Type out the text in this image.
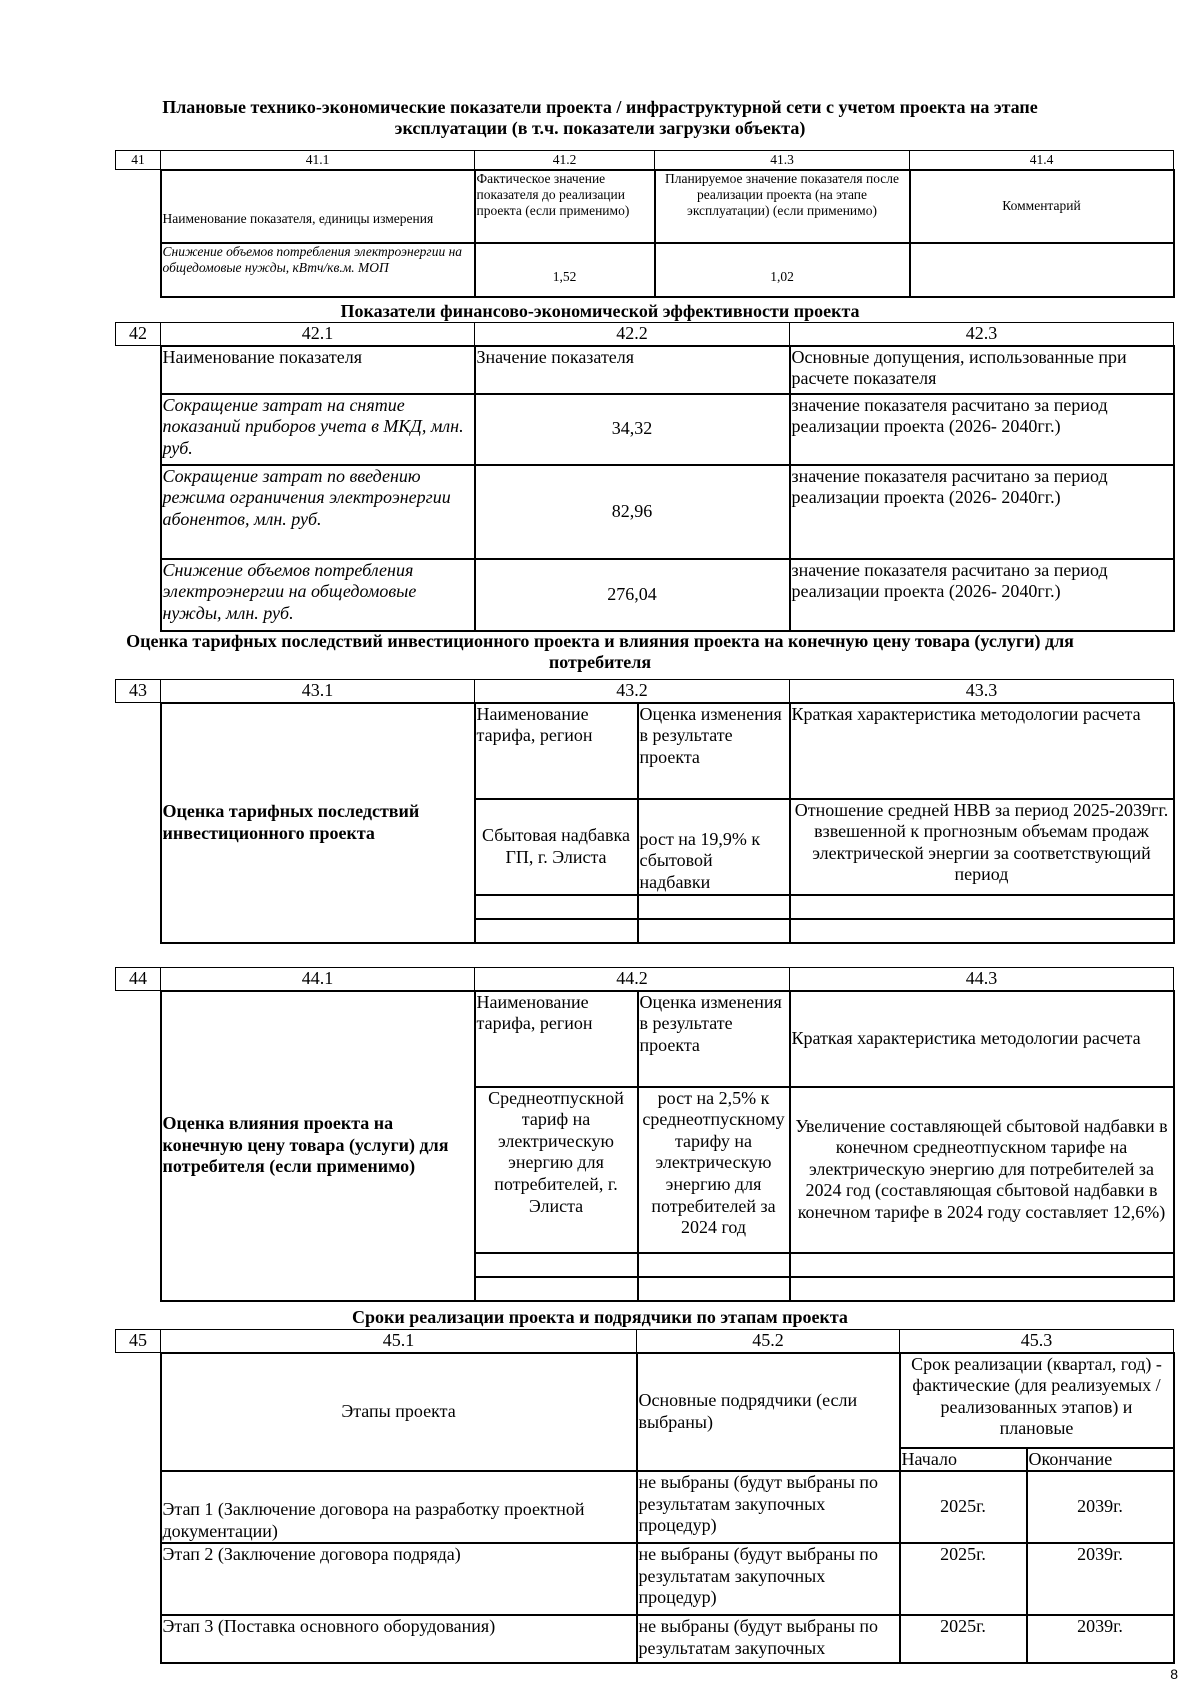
Плановые технико-экономические показатели проекта / инфраструктурной сети с учетом проекта на этапе эксплуатации (в т.ч. показатели загрузки объекта)
41	41.1	41.2	41.3	41.4
	Наименование показателя, единицы измерения	Фактическое значение показателя до реализации проекта (если применимо)	Планируемое значение показателя после реализации проекта (на этапе эксплуатации) (если применимо)	Комментарий
	Снижение объемов потребления электроэнергии на общедомовые нужды, кВтч/кв.м. МОП	1,52	1,02	
Показатели финансово-экономической эффективности проекта
42	42.1	42.2	42.3
	Наименование показателя	Значение показателя	Основные допущения, использованные при расчете показателя
	Сокращение затрат на снятие показаний приборов учета в МКД, млн. руб.	34,32	значение показателя расчитано за период реализации проекта (2026- 2040гг.)
	Сокращение затрат по введению режима ограничения электроэнергии абонентов, млн. руб.	82,96	значение показателя расчитано за период реализации проекта (2026- 2040гг.)
	Снижение объемов потребления электроэнергии на общедомовые нужды, млн. руб.	276,04	значение показателя расчитано за период реализации проекта (2026- 2040гг.)
Оценка тарифных последствий инвестиционного проекта и влияния проекта на конечную цену товара (услуги) для потребителя
43	43.1	43.2		43.3
	Оценка тарифных последствий инвестиционного проекта	Наименование тарифа, регион	Оценка изменения в результате проекта	Краткая характеристика методологии расчета
		Сбытовая надбавка ГП, г. Элиста	рост на 19,9% к сбытовой надбавки	Отношение средней НВВ за период 2025-2039гг. взвешенной к прогнозным объемам продаж электрической энергии за соответствующий период

44	44.1	44.2		44.3
	Оценка влияния проекта на конечную цену товара (услуги) для потребителя (если применимо)	Наименование тарифа, регион	Оценка изменения в результате проекта	Краткая характеристика методологии расчета
		Среднеотпускной тариф на электрическую энергию для потребителей, г. Элиста	рост на 2,5% к среднеотпускному тарифу на электрическую энергию для потребителей за 2024 год	Увеличение составляющей сбытовой надбавки в конечном среднеотпускном тарифе на электрическую энергию для потребителей за 2024 год (составляющая сбытовой надбавки в конечном тарифе в 2024 году составляет 12,6%)

Сроки реализации проекта и подрядчики по этапам проекта
45	45.1	45.2	45.3	
	Этапы проекта	Основные подрядчики (если выбраны)	Срок реализации (квартал, год) - фактические (для реализуемых / реализованных этапов) и плановые	
			Начало	Окончание
	Этап 1 (Заключение договора на разработку проектной документации)	не выбраны (будут выбраны по результатам закупочных процедур)	2025г.	2039г.
	Этап 2 (Заключение договора подряда)	не выбраны (будут выбраны по результатам закупочных процедур)	2025г.	2039г.
	Этап 3 (Поставка основного оборудования)	не выбраны (будут выбраны по результатам закупочных	2025г.	2039г.
8
